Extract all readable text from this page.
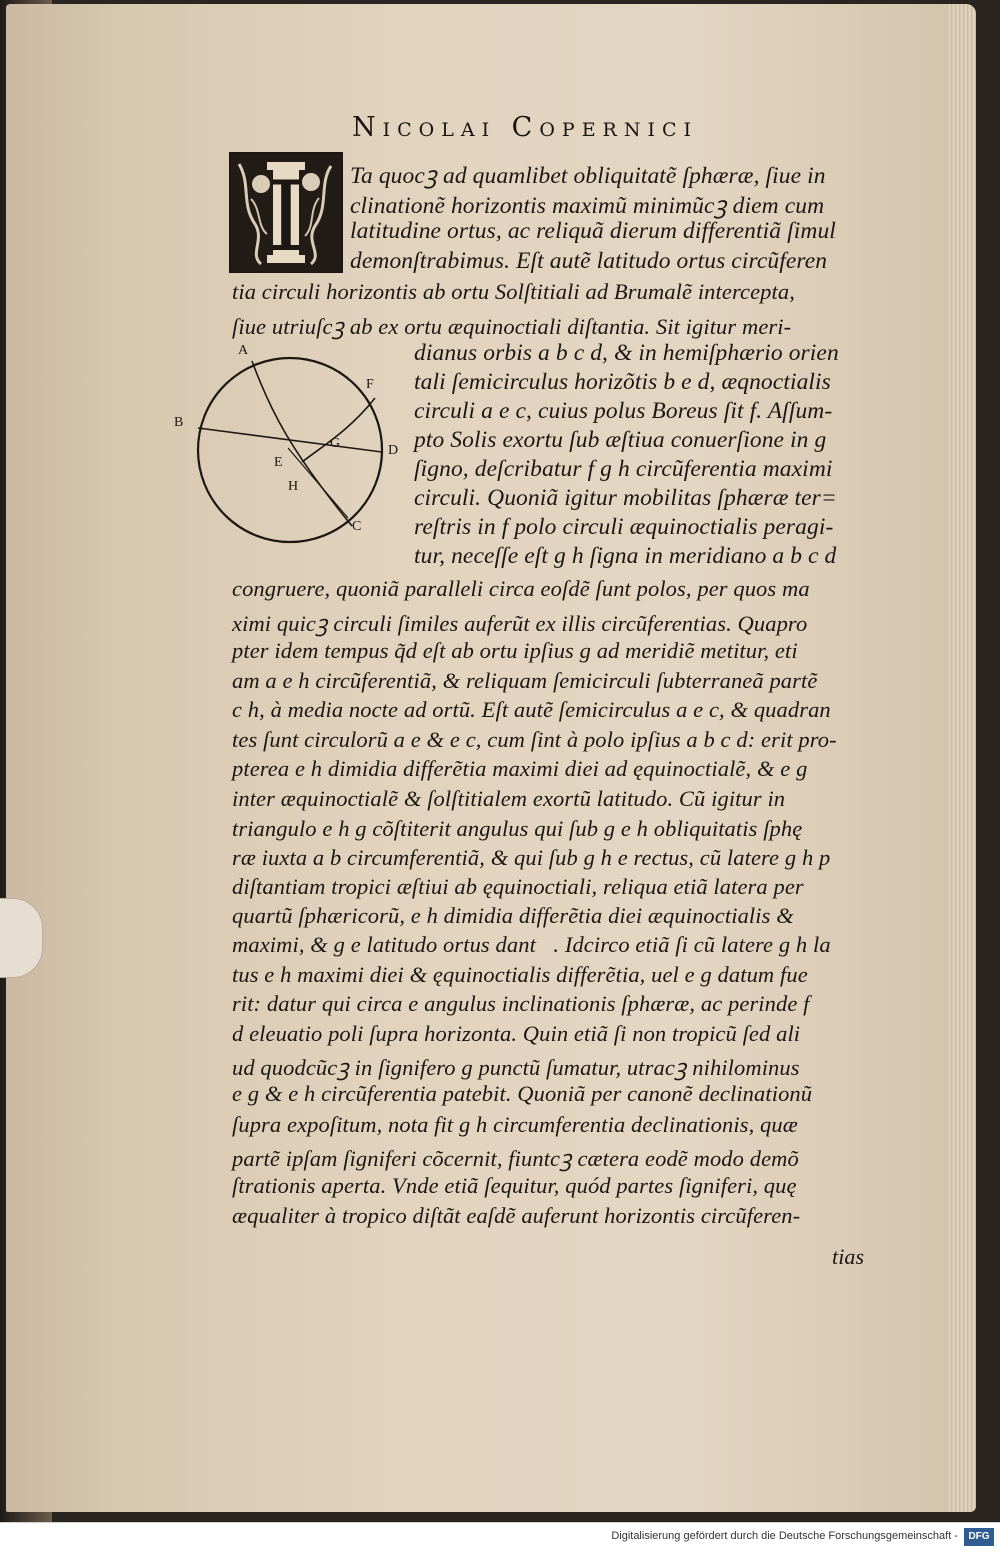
Nicolai Copernici
I
A
B
F
G	D
E
H
C
Ta quocꝫ ad quamlibet obliquitatẽ ſphæræ, ſiue in
clinationẽ horizontis maximũ minimũcꝫ diem cum
latitudine ortus, ac reliquã dierum differentiã ſimul
demonſtrabimus. Eſt autẽ latitudo ortus circũferen
tia circuli horizontis ab ortu Solſtitiali ad Brumalẽ intercepta,
ſiue utriuſcꝫ ab ex ortu æquinoctiali diſtantia. Sit igitur meri-
dianus orbis a b c d, & in hemiſphærio orien
tali ſemicirculus horizõtis b e d, æqnoctialis
circuli a e c, cuius polus Boreus ſit f. Aſſum-
pto Solis exortu ſub æſtiua conuerſione in g
ſigno, deſcribatur f g h circũferentia maximi
circuli. Quoniã igitur mobilitas ſphæræ ter=
reſtris in f polo circuli æquinoctialis peragi-
tur, neceſſe eſt g h ſigna in meridiano a b c d
congruere, quoniã paralleli circa eoſdẽ ſunt polos, per quos ma
ximi quicꝫ circuli ſimiles auferũt ex illis circũferentias. Quapro
pter idem tempus q̃d eſt ab ortu ipſius g ad meridiẽ metitur, eti
am a e h circũferentiã, & reliquam ſemicirculi ſubterraneã partẽ
c h, à media nocte ad ortũ. Eſt autẽ ſemicirculus a e c, & quadran
tes ſunt circulorũ a e & e c, cum ſint à polo ipſius a b c d: erit pro-
pterea e h dimidia differẽtia maximi diei ad ęquinoctialẽ, & e g
inter æquinoctialẽ & ſolſtitialem exortũ latitudo. Cũ igitur in
triangulo e h g cõſtiterit angulus qui ſub g e h obliquitatis ſphę
ræ iuxta a b circumferentiã, & qui ſub g h e rectus, cũ latere g h p
diſtantiam tropici æſtiui ab ęquinoctiali, reliqua etiã latera per
quartũ ſphæricorũ, e h dimidia differẽtia diei æquinoctialis &
maximi, & g e latitudo ortus dantᷣ. Idcirco etiã ſi cũ latere g h la
tus e h maximi diei & ęquinoctialis differẽtia, uel e g datum fue
rit: datur qui circa e angulus inclinationis ſphæræ, ac perinde f
d eleuatio poli ſupra horizonta. Quin etiã ſi non tropicũ ſed ali
ud quodcũcꝫ in ſignifero g punctũ ſumatur, utracꝫ nihilominus
e g & e h circũferentia patebit. Quoniã per canonẽ declinationũ
ſupra expoſitum, nota fit g h circumferentia declinationis, quæ
partẽ ipſam ſigniferi cõcernit, fiuntcꝫ cætera eodẽ modo demõ
ſtrationis aperta. Vnde etiã ſequitur, quód partes ſigniferi, quę
æqualiter à tropico diſtãt eaſdẽ auferunt horizontis circũferen-
tias
Digitalisierung gefördert durch die Deutsche Forschungsgemeinschaft -	DFG
